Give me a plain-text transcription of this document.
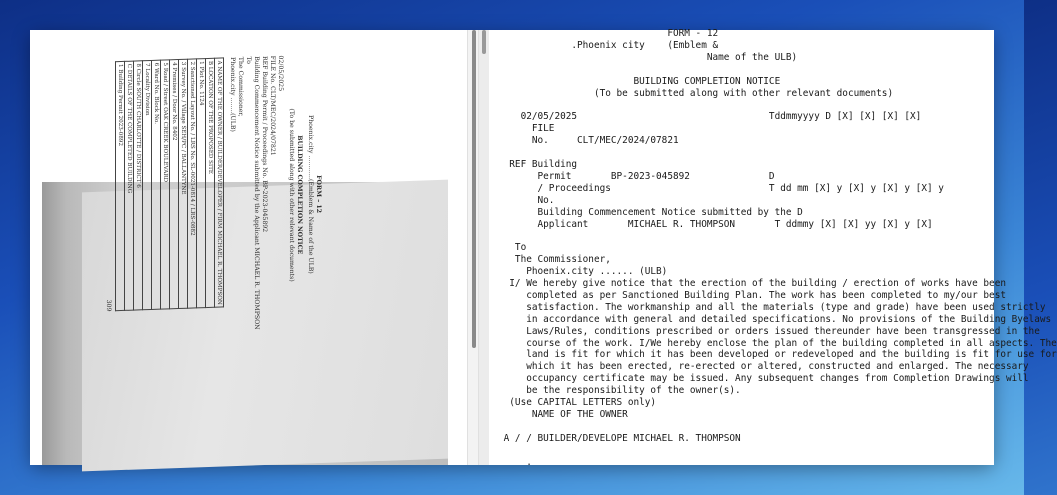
FORM – 12
Phoenix.city ............(Emblem & Name of the ULB)
BUILDING COMPLETION NOTICE
(To be submitted along with other relevant documents)
02/05/2025
FILE No. CLT/MEC/2024/07821
REF Building Permit / Proceedings No. BP-2023-045892
Building Commencement Notice submitted by the Applicant MICHAEL R. THOMPSON
To
The Commissioner,
Phoenix.city ........(ULB)
A NAME OF THE OWNER / BUILDER/DEVELOPER / FIRM MICHAEL R. THOMPSON
B LOCATION OF THE PROPOSED SITE
1 Plot No. 1124
2 Sanctioned Layout No. / LRS No. SL-0021-0814 / LRS-0882
3 Survey No. / Village SEH/PC / BALLANTYNE
4 Premises / Door No. 8402
5 Road / Street OAK CREEK BOULEVARD
6 Ward No. Block No.
7 Locality Division
8 Circle SOUTH CHARLOTTE / DISTRICT 6
C DETAILS OF THE COMPLETED BUILDING
1 Building Permit 2023-0892
309
FORM - 12
.Phoenix city    (Emblem &
Name of the ULB)

BUILDING COMPLETION NOTICE
(To be submitted along with other relevant documents)

02/05/2025                                  Tddmmyyyy D [X] [X] [X] [X]
FILE
No.     CLT/MEC/2024/07821

REF Building
Permit       BP-2023-045892              D
/ Proceedings                            T dd mm [X] y [X] y [X] y [X] y
No.
Building Commencement Notice submitted by the D
Applicant       MICHAEL R. THOMPSON       T ddmmy [X] [X] yy [X] y [X]

To
The Commissioner,
Phoenix.city ...... (ULB)
I/ We hereby give notice that the erection of the building / erection of works have been
completed as per Sanctioned Building Plan. The work has been completed to my/our best
satisfaction. The workmanship and all the materials (type and grade) have been used strictly
in accordance with general and detailed specifications. No provisions of the Building Byelaws
Laws/Rules, conditions prescribed or orders issued thereunder have been transgressed in the
course of the work. I/We hereby enclose the plan of the building completed in all aspects. The
land is fit for which it has been developed or redeveloped and the building is fit for use for
which it has been erected, re-erected or altered, constructed and enlarged. The necessary
occupancy certificate may be issued. Any subsequent changes from Completion Drawings will
be the responsibility of the owner(s).
(Use CAPITAL LETTERS only)
NAME OF THE OWNER

A / / BUILDER/DEVELOPE MICHAEL R. THOMPSON

.
